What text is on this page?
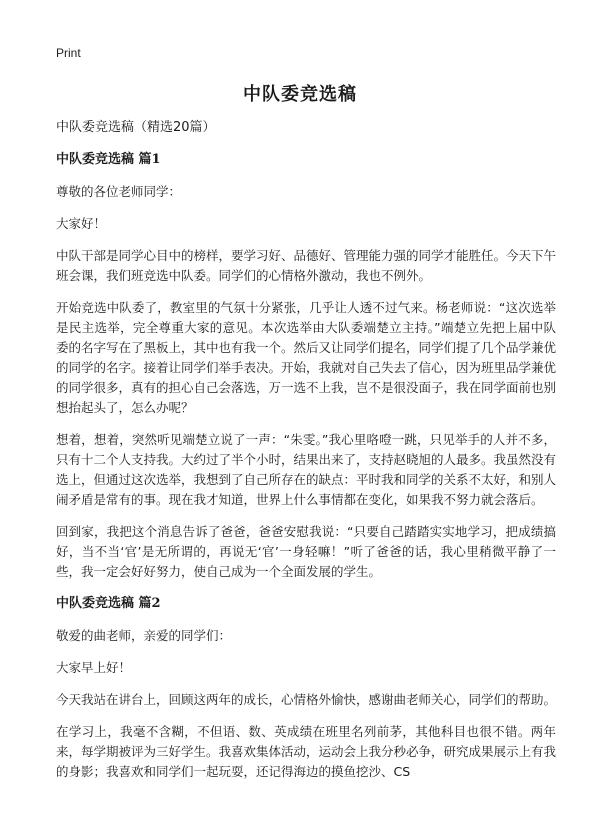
Print
中队委竞选稿

中队委竞选稿（精选20篇）

中队委竞选稿 篇1

尊敬的各位老师同学：

大家好！

中队干部是同学心目中的榜样，要学习好、品德好、管理能力强的同学才能胜任。今天下午班会课，我们班竞选中队委。同学们的心情格外激动，我也不例外。

开始竞选中队委了，教室里的气氛十分紧张，几乎让人透不过气来。杨老师说：“这次选举是民主选举，完全尊重大家的意见。本次选举由大队委端楚立主持。”端楚立先把上届中队委的名字写在了黑板上，其中也有我一个。然后又让同学们提名，同学们提了几个品学兼优的同学的名字。接着让同学们举手表决。开始，我就对自己失去了信心，因为班里品学兼优的同学很多，真有的担心自己会落选，万一选不上我，岂不是很没面子，我在同学面前也别想抬起头了，怎么办呢？

想着，想着，突然听见端楚立说了一声：“朱雯。”我心里咯噔一跳，只见举手的人并不多，只有十二个人支持我。大约过了半个小时，结果出来了，支持赵晓旭的人最多。我虽然没有选上，但通过这次选举，我想到了自己所存在的缺点：平时我和同学的关系不太好，和别人闹矛盾是常有的事。现在我才知道，世界上什么事情都在变化，如果我不努力就会落后。

回到家，我把这个消息告诉了爸爸，爸爸安慰我说：“只要自己踏踏实实地学习，把成绩搞好，当不当‘官’是无所谓的，再说无‘官’一身轻嘛！”听了爸爸的话，我心里稍微平静了一些，我一定会好好努力，使自己成为一个全面发展的学生。

中队委竞选稿 篇2

敬爱的曲老师，亲爱的同学们：

大家早上好！

今天我站在讲台上，回顾这两年的成长，心情格外愉快，感谢曲老师关心，同学们的帮助。

在学习上，我毫不含糊，不但语、数、英成绩在班里名列前茅，其他科目也很不错。两年来，每学期被评为三好学生。我喜欢集体活动，运动会上我分秒必争，研究成果展示上有我的身影；我喜欢和同学们一起玩耍，还记得海边的摸鱼挖沙、CS
